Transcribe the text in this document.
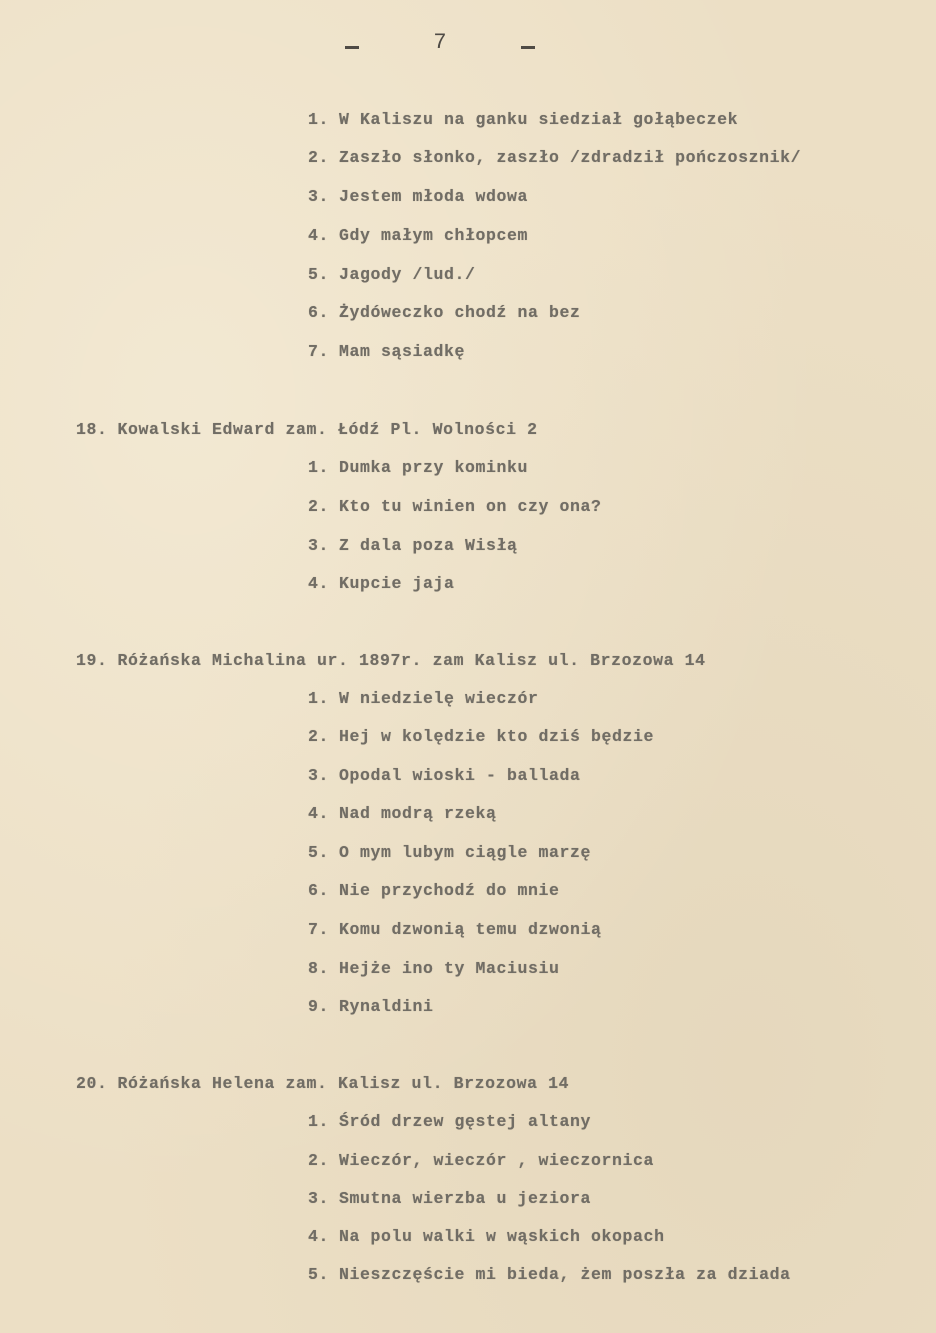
7
1. W Kaliszu na ganku siedział gołąbeczek
2. Zaszło słonko, zaszło /zdradził pończosznik/
3. Jestem młoda wdowa
4. Gdy małym chłopcem
5. Jagody /lud./
6. Żydóweczko chodź na bez
7. Mam sąsiadkę
18. Kowalski Edward zam. Łódź Pl. Wolności 2
1. Dumka przy kominku
2. Kto tu winien on czy ona?
3. Z dala poza Wisłą
4. Kupcie jaja
19. Różańska Michalina ur. 1897r. zam Kalisz ul. Brzozowa 14
1. W niedzielę wieczór
2. Hej w kolędzie kto dziś będzie
3. Opodal wioski - ballada
4. Nad modrą rzeką
5. O mym lubym ciągle marzę
6. Nie przychodź do mnie
7. Komu dzwonią temu dzwonią
8. Hejże ino ty Maciusiu
9. Rynaldini
20. Różańska Helena zam. Kalisz ul. Brzozowa 14
1. Śród drzew gęstej altany
2. Wieczór, wieczór , wieczornica
3. Smutna wierzba u jeziora
4. Na polu walki w wąskich okopach
5. Nieszczęście mi bieda, żem poszła za dziada
